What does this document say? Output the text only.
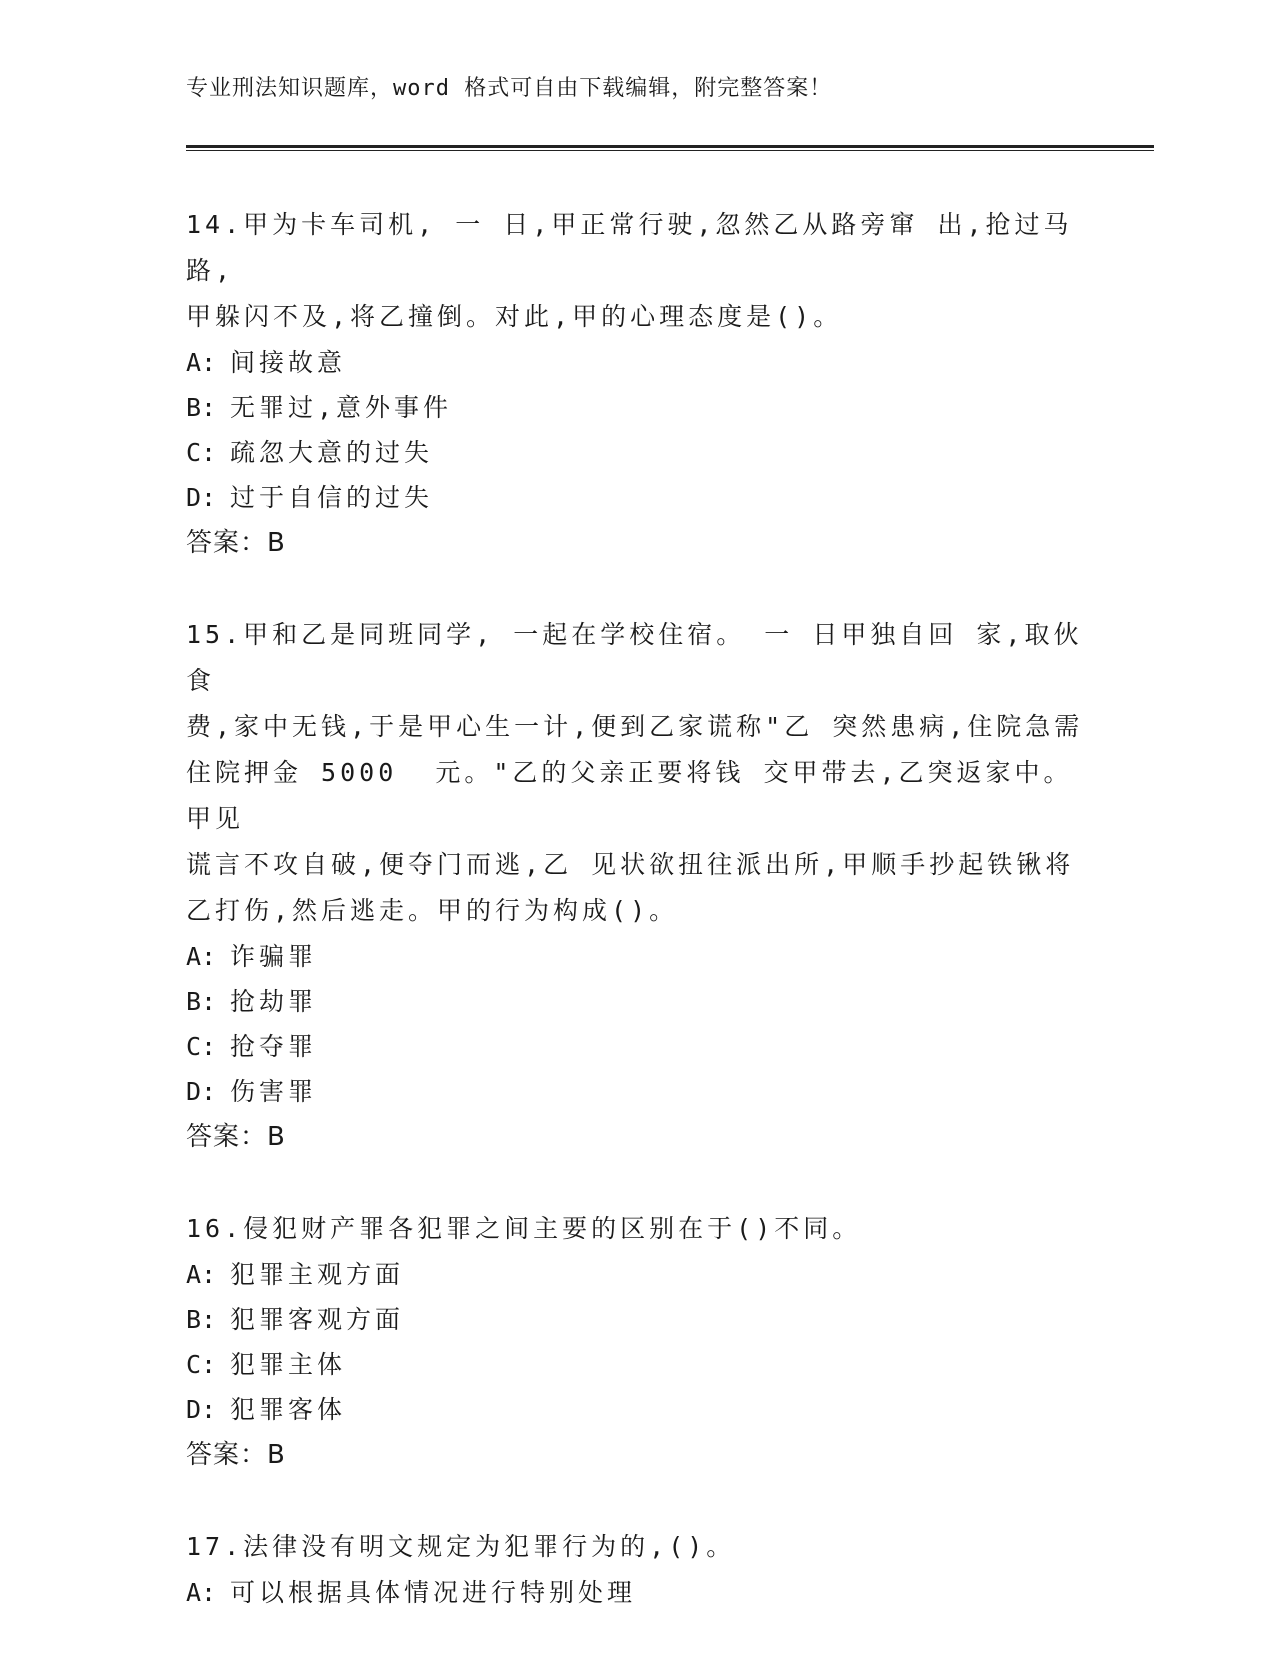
专业刑法知识题库，word 格式可自由下载编辑，附完整答案！

14.甲为卡车司机, 一 日,甲正常行驶,忽然乙从路旁窜 出,抢过马路,

甲躲闪不及,将乙撞倒。对此,甲的心理态度是()。

A: 间接故意

B: 无罪过,意外事件

C: 疏忽大意的过失

D: 过于自信的过失

答案：B

15.甲和乙是同班同学, 一起在学校住宿。 一 日甲独自回 家,取伙食

费,家中无钱,于是甲心生一计,便到乙家谎称"乙 突然患病,住院急需

住院押金 5000  元。"乙的父亲正要将钱 交甲带去,乙突返家中。甲见

谎言不攻自破,便夺门而逃,乙 见状欲扭往派出所,甲顺手抄起铁锹将

乙打伤,然后逃走。甲的行为构成()。

A: 诈骗罪

B: 抢劫罪

C: 抢夺罪

D: 伤害罪

答案：B

16.侵犯财产罪各犯罪之间主要的区别在于()不同。

A: 犯罪主观方面

B: 犯罪客观方面

C: 犯罪主体

D: 犯罪客体

答案：B

17.法律没有明文规定为犯罪行为的,()。

A: 可以根据具体情况进行特别处理
